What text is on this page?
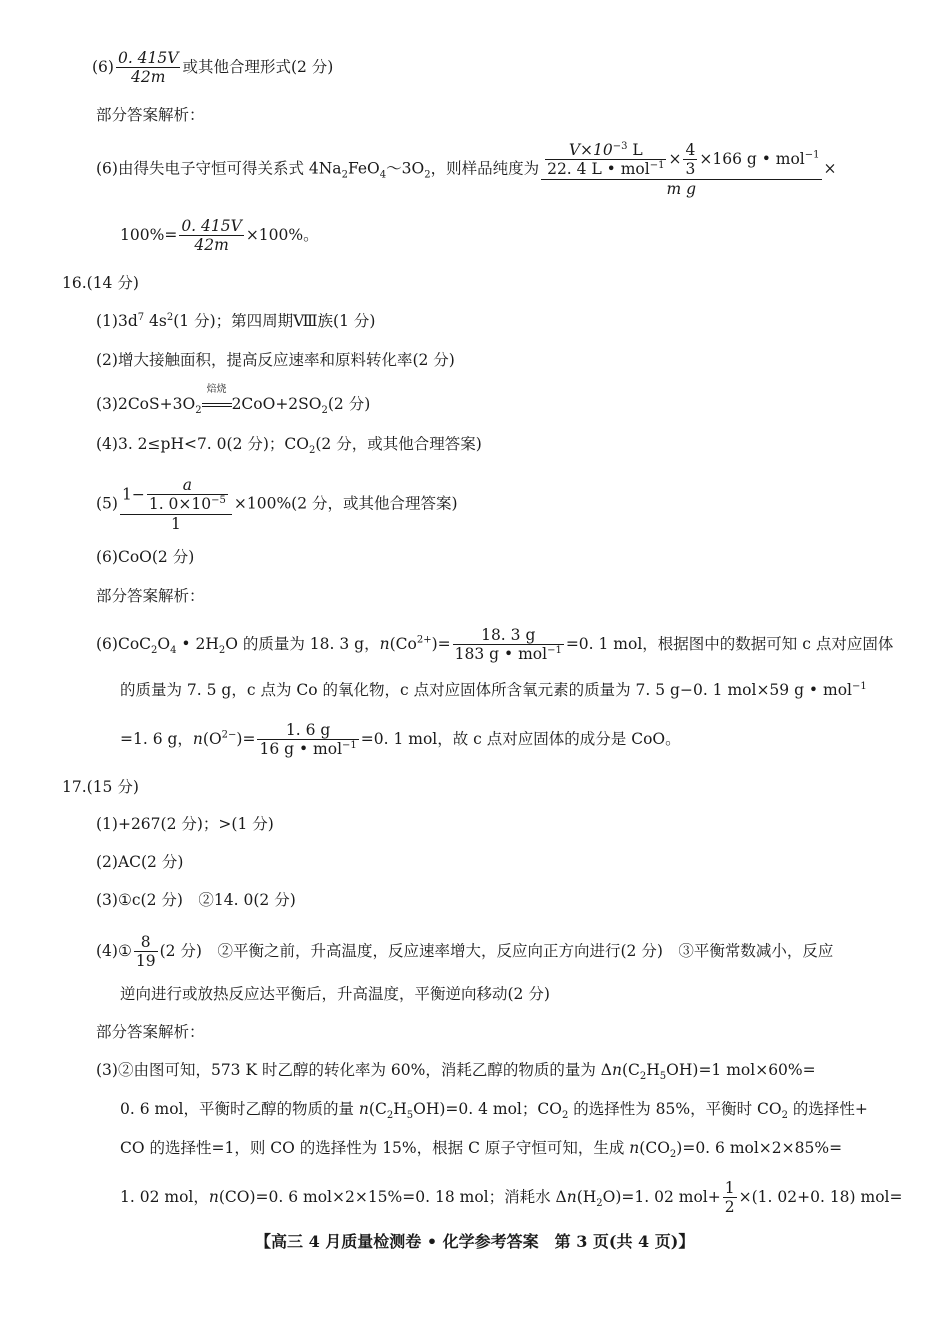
$(6) \frac{0. 415V}{42m}$ 或其他合理形式(2 分)
部分答案解析：
(6)由得失电子守恒可得关系式 $4Na_2FeO_4\sim 3O_2$，则样品纯度为 $\frac{\frac{V\times 10^{-3} L}{22. 4 L • mol^{-1}} \times \frac{4}{3} \times 166 g • mol^{-1}}{\text{m g}}$ ×
$100\%= \frac{0. 415V}{42m} \times 100\%$。
16.(14 分)
$(1)3d^7$ $4s^2(1$ 分)；第四周期Ⅷ族(1 分)
(2)增大接触面积，提高反应速率和原料转化率(2 分)
$(3)2CoS+3O_2$
焙烧
$2CoO+2SO_2(2$ 分)
(4)3. 2≤pH<7. 0(2 分)；$CO_2(2$ 分，或其他合理答案)
$(5) \frac{1- \frac{a}{1. 0\times 10^{-5}}}{1} \times 100\%(2$ 分，或其他合理答案)
(6)CoO(2 分)
部分答案解析：
$(6)CoC_2O_4$ • $2H_2O$ 的质量为 18. 3 g，$n(Co^{2+})= \frac{18. 3 g}{183 g • mol^{-1}} =0$. 1 mol，根据图中的数据可知 c 点对应固体
的质量为 7. 5 g，c 点为 Co 的氧化物，c 点对应固体所含氧元素的质量为 7. 5 g−0. 1 mol×59 g • mol$^{-1}$
=1. 6 g，$n(O^{2-})= \frac{1. 6 g}{16 g • mol^{-1}} =0$. 1 mol，故 c 点对应固体的成分是 CoO。
17.(15 分)
(1)+267(2 分)；>(1 分)
(2)AC(2 分)
(3)①c(2 分)　②14. 0(2 分)
(4)① $\frac{8}{19} (2$ 分)　②平衡之前，升高温度，反应速率增大，反应向正方向进行(2 分)　③平衡常数减小，反应
逆向进行或放热反应达平衡后，升高温度，平衡逆向移动(2 分)
部分答案解析：
(3)②由图可知，573 K 时乙醇的转化率为 60%，消耗乙醇的物质的量为 $\Delta n(C_2H_5OH)=1$ mol×60%=
0. 6 mol，平衡时乙醇的物质的量 $n(C_2H_5OH)=0$. 4 mol；$CO_2$ 的选择性为 85%，平衡时 $CO_2$ 的选择性+
CO 的选择性=1，则 CO 的选择性为 15%，根据 C 原子守恒可知，生成 $n(CO_2)=0$. 6 mol×2×85%=
1. 02 mol，n(CO)=0. 6 mol×2×15%=0. 18 mol；消耗水 $\Delta n(H_2O)=1$. 02 $mol+ \frac{1}{2} \times(1$. 02+0. 18) mol=
【高三 4 月质量检测卷 • 化学参考答案　第 3 页(共 4 页)】
